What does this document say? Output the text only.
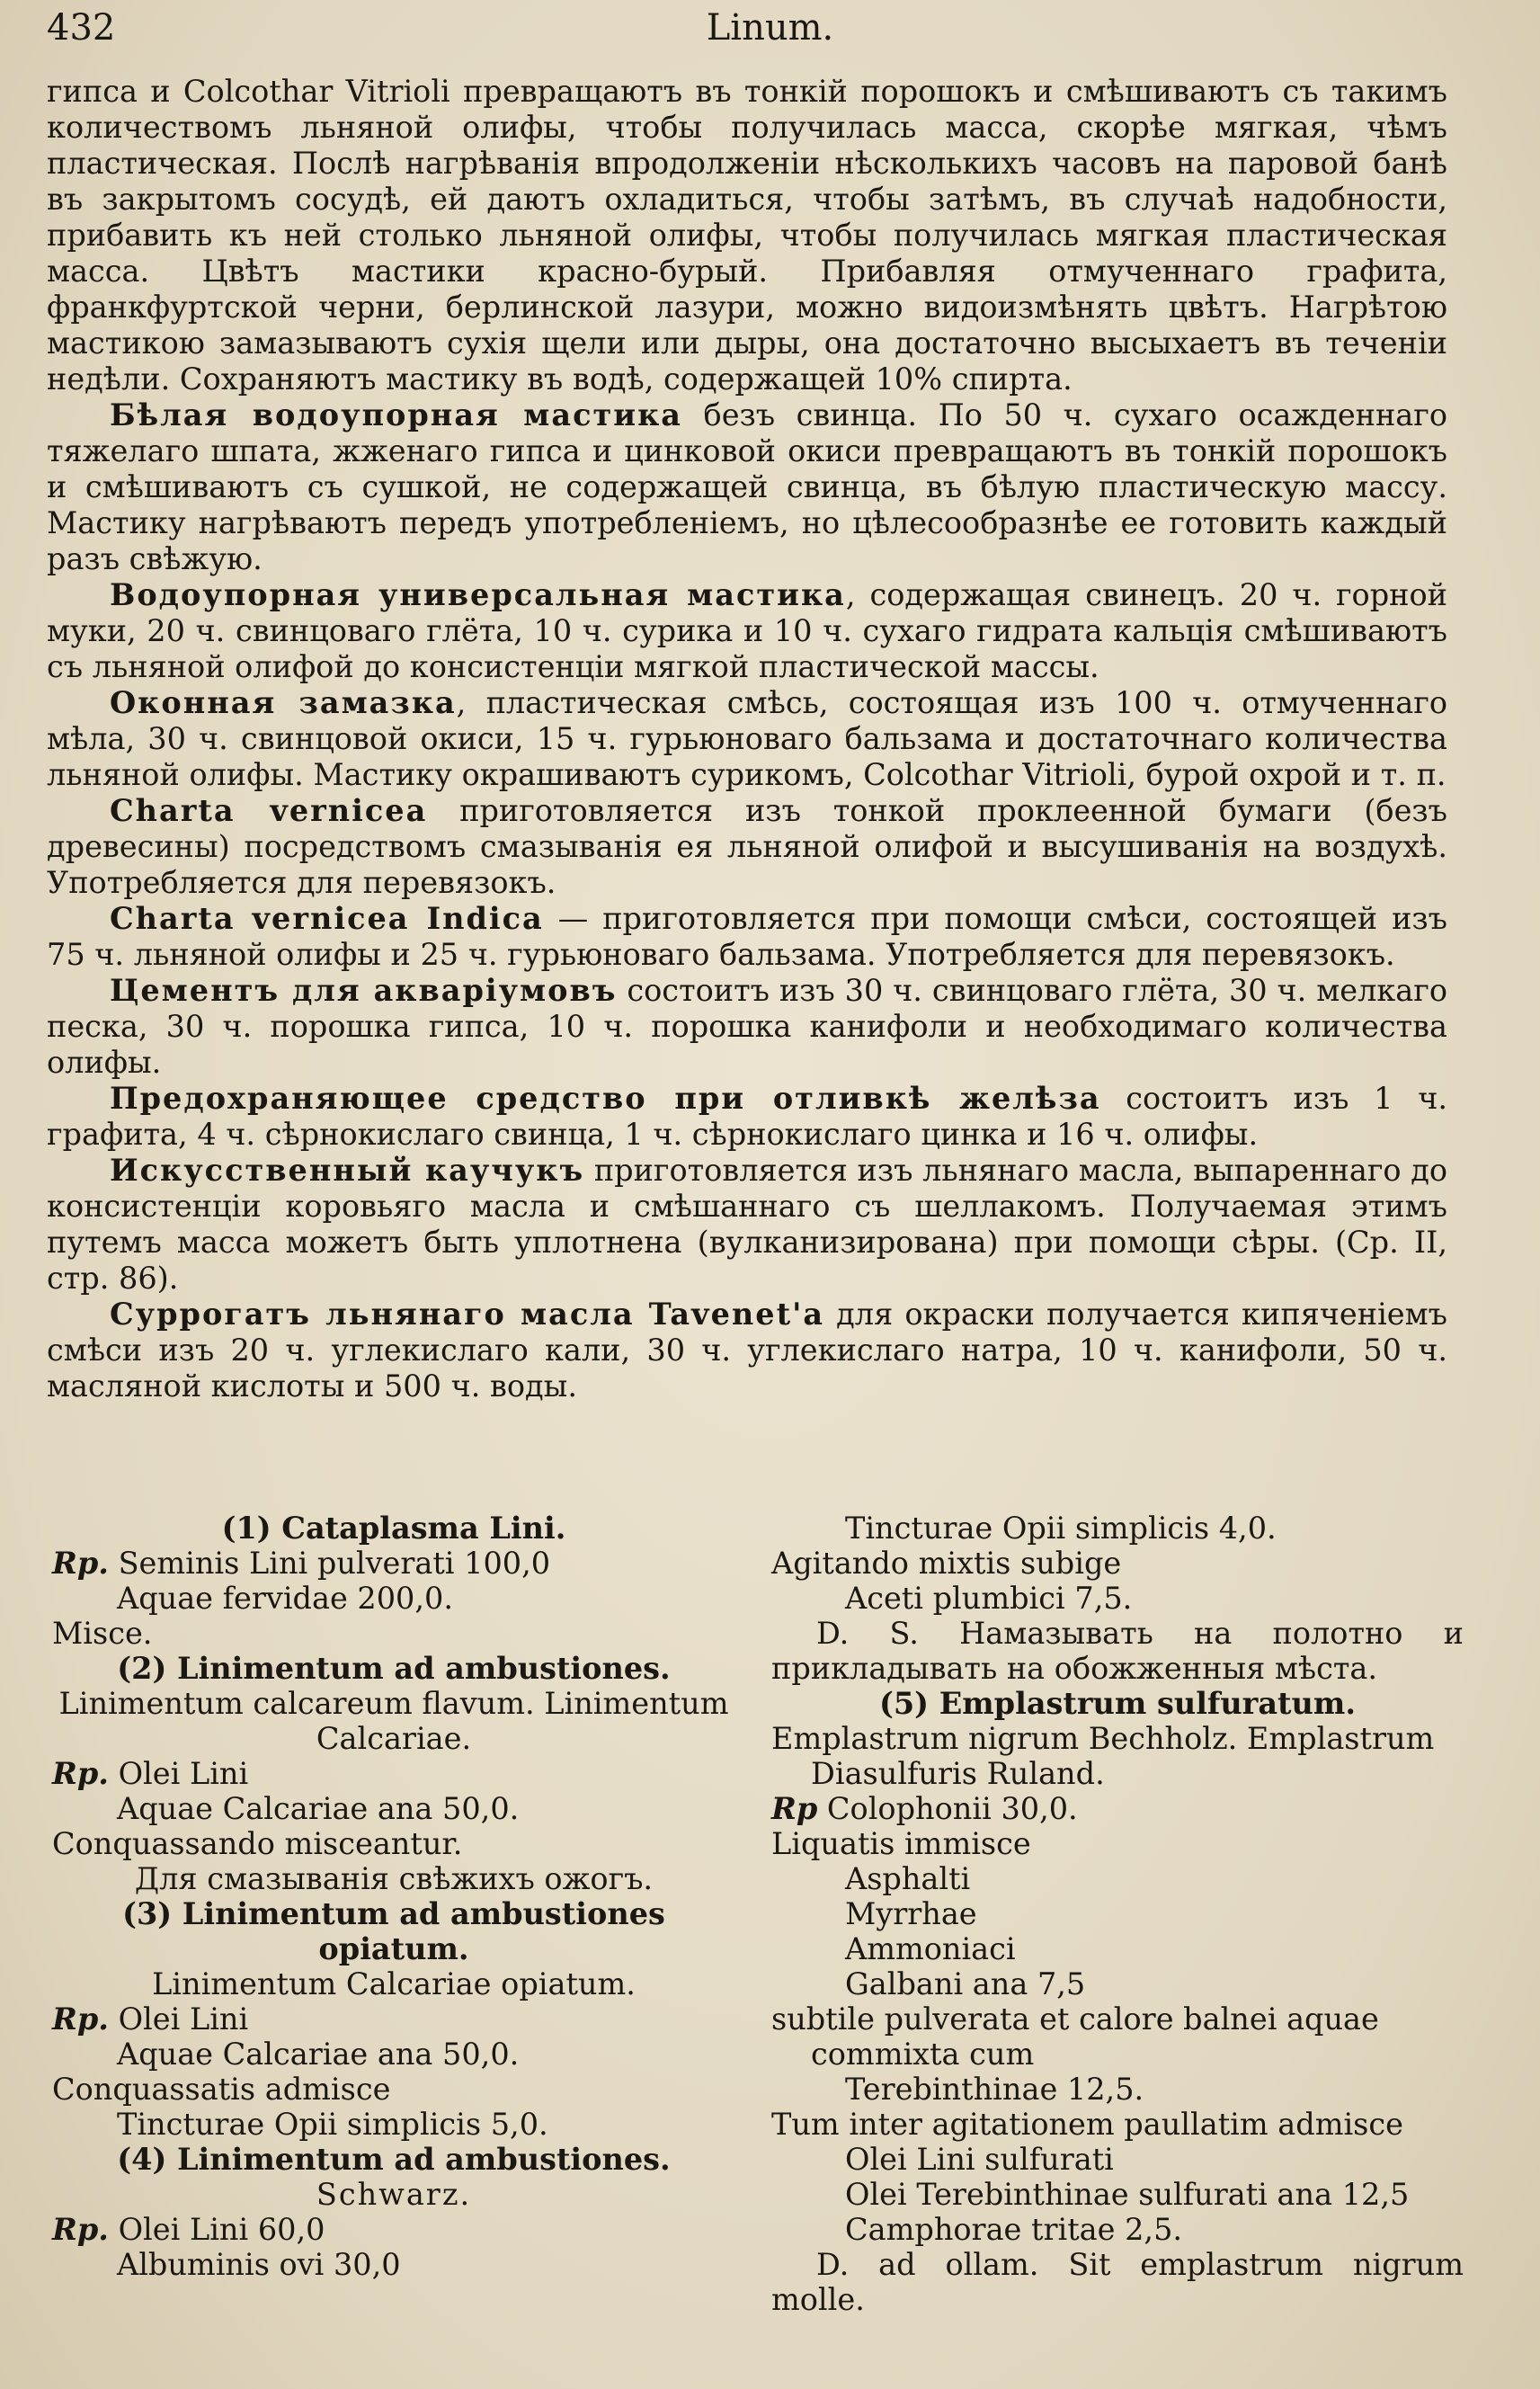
432	Linum.

гипса и Colcothar Vitrioli превращаютъ въ тонкій порошокъ и смѣшиваютъ съ такимъ количествомъ льняной олифы, чтобы получилась масса, скорѣе мягкая, чѣмъ пластическая. Послѣ нагрѣванія впродолженіи нѣсколькихъ часовъ на паровой банѣ въ закрытомъ сосудѣ, ей даютъ охладиться, чтобы затѣмъ, въ случаѣ надобности, прибавить къ ней столько льняной олифы, чтобы получилась мягкая пластическая масса. Цвѣтъ мастики красно-бурый. Прибавляя отмученнаго графита, франкфуртской черни, берлинской лазури, можно видоизмѣнять цвѣтъ. Нагрѣтою мастикою замазываютъ сухія щели или дыры, она достаточно высыхаетъ въ теченіи недѣли. Сохраняютъ мастику въ водѣ, содержащей 10% спирта.

Бѣлая водоупорная мастика безъ свинца. По 50 ч. сухаго осажденнаго тяжелаго шпата, жженаго гипса и цинковой окиси превращаютъ въ тонкій порошокъ и смѣшиваютъ съ сушкой, не содержащей свинца, въ бѣлую пластическую массу. Мастику нагрѣваютъ передъ употребленіемъ, но цѣлесообразнѣе ее готовить каждый разъ свѣжую.

Водоупорная универсальная мастика, содержащая свинецъ. 20 ч. горной муки, 20 ч. свинцоваго глёта, 10 ч. сурика и 10 ч. сухаго гидрата кальція смѣшиваютъ съ льняной олифой до консистенціи мягкой пластической массы.

Оконная замазка, пластическая смѣсь, состоящая изъ 100 ч. отмученнаго мѣла, 30 ч. свинцовой окиси, 15 ч. гурьюноваго бальзама и достаточнаго количества льняной олифы. Мастику окрашиваютъ сурикомъ, Colcothar Vitrioli, бурой охрой и т. п.

Charta vernicea приготовляется изъ тонкой проклеенной бумаги (безъ древесины) посредствомъ смазыванія ея льняной олифой и высушиванія на воздухѣ. Употребляется для перевязокъ.

Charta vernicea Indica — приготовляется при помощи смѣси, состоящей изъ 75 ч. льняной олифы и 25 ч. гурьюноваго бальзама. Употребляется для перевязокъ.

Цементъ для акваріумовъ состоитъ изъ 30 ч. свинцоваго глёта, 30 ч. мелкаго песка, 30 ч. порошка гипса, 10 ч. порошка канифоли и необходимаго количества олифы.

Предохраняющее средство при отливкѣ желѣза состоитъ изъ 1 ч. графита, 4 ч. сѣрнокислаго свинца, 1 ч. сѣрнокислаго цинка и 16 ч. олифы.

Искусственный каучукъ приготовляется изъ льнянаго масла, выпареннаго до консистенціи коровьяго масла и смѣшаннаго съ шеллакомъ. Получаемая этимъ путемъ масса можетъ быть уплотнена (вулканизирована) при помощи сѣры. (Ср. II, стр. 86).

Суррогатъ льнянаго масла Tavenet'а для окраски получается кипяченіемъ смѣси изъ 20 ч. углекислаго кали, 30 ч. углекислаго натра, 10 ч. канифоли, 50 ч. масляной кислоты и 500 ч. воды.

(1) Cataplasma Lini.

Rp. Seminis Lini pulverati 100,0

Aquae fervidae 200,0.

Misce.

(2) Linimentum ad ambustiones.

Linimentum calcareum flavum. Linimentum Calcariae.

Rp. Olei Lini

Aquae Calcariae ana 50,0.

Conquassando misceantur.

Для смазыванія свѣжихъ ожогъ.

(3) Linimentum ad ambustiones opiatum.

Linimentum Calcariae opiatum.

Rp. Olei Lini

Aquae Calcariae ana 50,0.

Conquassatis admisce

Tincturae Opii simplicis 5,0.

(4) Linimentum ad ambustiones.

Schwarz.

Rp. Olei Lini 60,0

Albuminis ovi 30,0

Tincturae Opii simplicis 4,0.

Agitando mixtis subige

Aceti plumbici 7,5.

D. S. Намазывать на полотно и прикладывать на обожженныя мѣста.

(5) Emplastrum sulfuratum.

Emplastrum nigrum Bechholz. Emplastrum Diasulfuris Ruland.

Rp Colophonii 30,0.

Liquatis immisce

Asphalti

Myrrhae

Ammoniaci

Galbani ana 7,5

subtile pulverata et calore balnei aquae commixta cum

Terebinthinae 12,5.

Tum inter agitationem paullatim admisce

Olei Lini sulfurati

Olei Terebinthinae sulfurati ana 12,5

Camphorae tritae 2,5.

D. ad ollam. Sit emplastrum nigrum molle.
